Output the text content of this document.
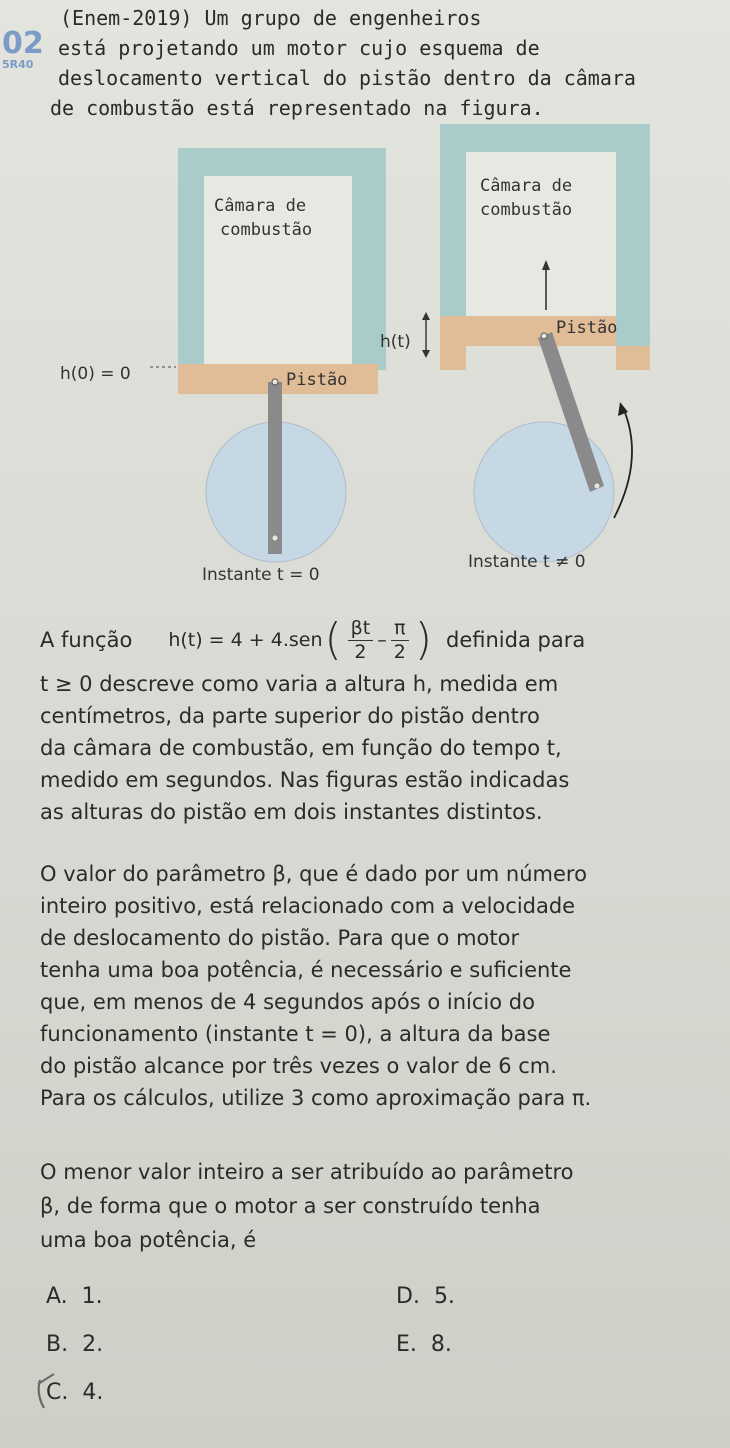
02
5R40
(Enem-2019) Um grupo de engenheiros
está projetando um motor cujo esquema de
deslocamento vertical do pistão dentro da câmara
de combustão está representado na figura.
Câmara de
combustão
Pistão
h(0) = 0
Instante t = 0
Câmara de
combustão
Pistão
h(t)
Instante t ≠ 0
A função h(t) = 4 + 4.sen ( $\frac{\beta t}{2} - \frac{\pi}{2}$ ) definida para
t ≥ 0 descreve como varia a altura h, medida em
centímetros, da parte superior do pistão dentro
da câmara de combustão, em função do tempo t,
medido em segundos. Nas figuras estão indicadas
as alturas do pistão em dois instantes distintos.
O valor do parâmetro β, que é dado por um número
inteiro positivo, está relacionado com a velocidade
de deslocamento do pistão. Para que o motor
tenha uma boa potência, é necessário e suficiente
que, em menos de 4 segundos após o início do
funcionamento (instante t = 0), a altura da base
do pistão alcance por três vezes o valor de 6 cm.
Para os cálculos, utilize 3 como aproximação para π.
O menor valor inteiro a ser atribuído ao parâmetro
β, de forma que o motor a ser construído tenha
uma boa potência, é
A. 1.
B. 2.
C. 4.
D. 5.
E. 8.
